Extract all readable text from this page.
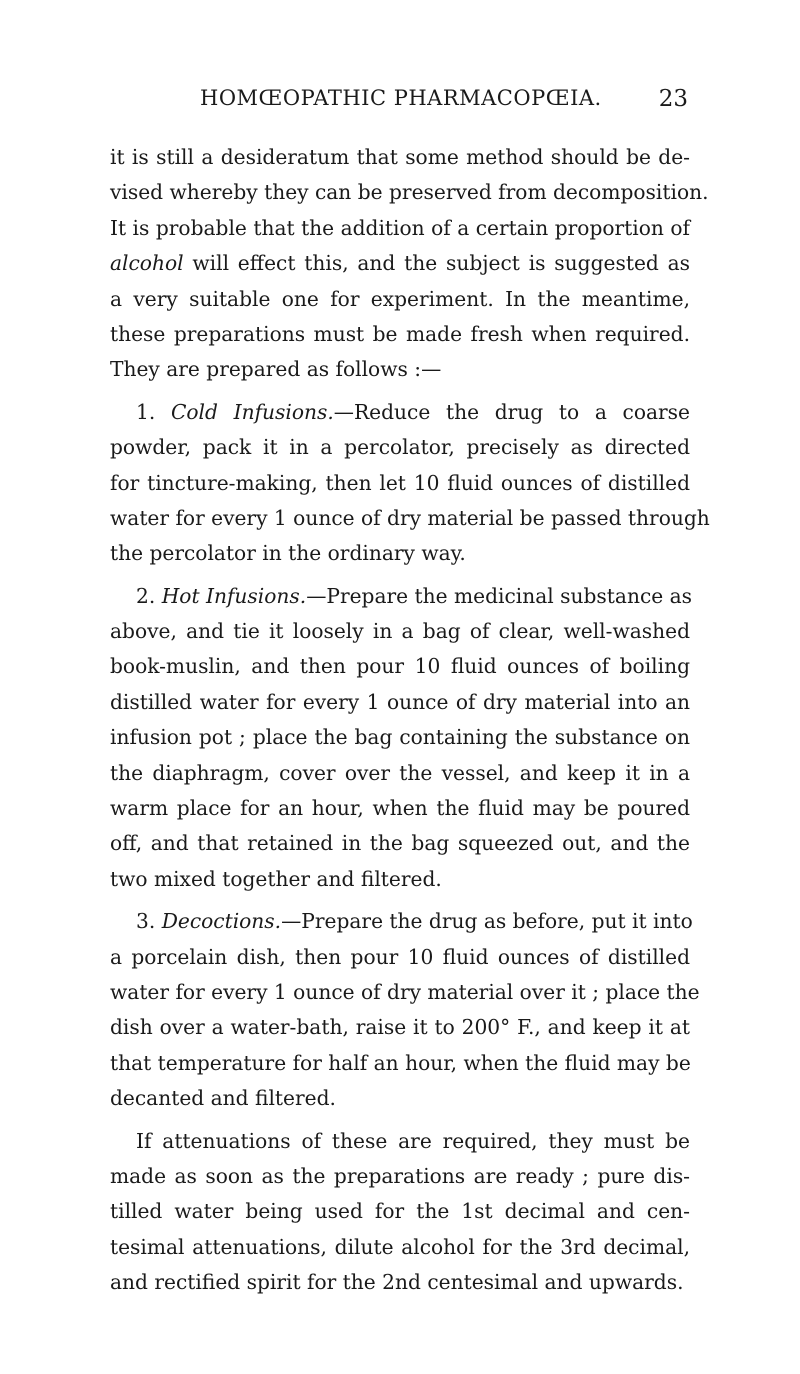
HOMŒOPATHIC PHARMACOPŒIA. 23
it is still a desideratum that some method should be de-
vised whereby they can be preserved from decomposition.
It is probable that the addition of a certain proportion of
alcohol will effect this, and the subject is suggested as
a very suitable one for experiment. In the meantime,
these preparations must be made fresh when required.
They are prepared as follows :—
1. Cold Infusions.—Reduce the drug to a coarse
powder, pack it in a percolator, precisely as directed
for tincture-making, then let 10 fluid ounces of distilled
water for every 1 ounce of dry material be passed through
the percolator in the ordinary way.
2. Hot Infusions.—Prepare the medicinal substance as
above, and tie it loosely in a bag of clear, well-washed
book-muslin, and then pour 10 fluid ounces of boiling
distilled water for every 1 ounce of dry material into an
infusion pot ; place the bag containing the substance on
the diaphragm, cover over the vessel, and keep it in a
warm place for an hour, when the fluid may be poured
off, and that retained in the bag squeezed out, and the
two mixed together and filtered.
3. Decoctions.—Prepare the drug as before, put it into
a porcelain dish, then pour 10 fluid ounces of distilled
water for every 1 ounce of dry material over it ; place the
dish over a water-bath, raise it to 200° F., and keep it at
that temperature for half an hour, when the fluid may be
decanted and filtered.
If attenuations of these are required, they must be
made as soon as the preparations are ready ; pure dis-
tilled water being used for the 1st decimal and cen-
tesimal attenuations, dilute alcohol for the 3rd decimal,
and rectified spirit for the 2nd centesimal and upwards.
